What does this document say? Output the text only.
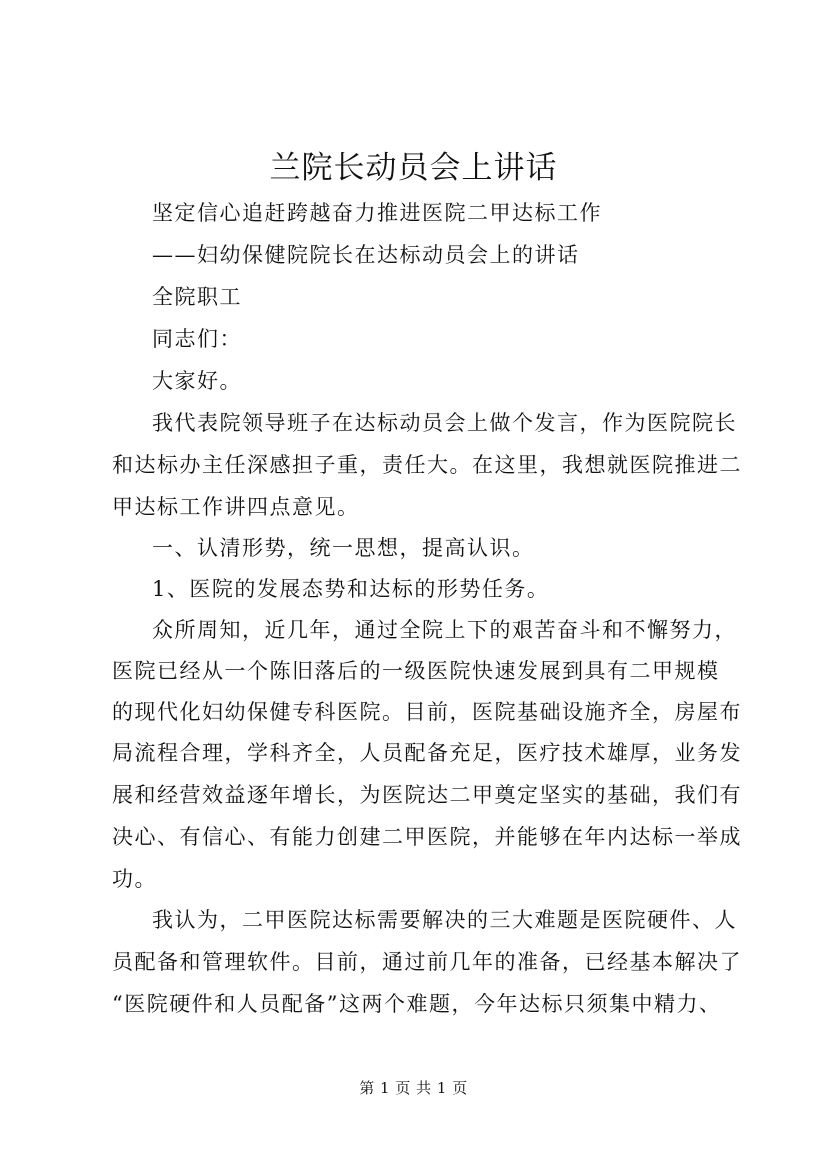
兰院长动员会上讲话
坚定信心追赶跨越奋力推进医院二甲达标工作
——妇幼保健院院长在达标动员会上的讲话
全院职工
同志们：
大家好。
我代表院领导班子在达标动员会上做个发言，作为医院院长
和达标办主任深感担子重，责任大。在这里，我想就医院推进二
甲达标工作讲四点意见。
一、认清形势，统一思想，提高认识。
1、医院的发展态势和达标的形势任务。
众所周知，近几年，通过全院上下的艰苦奋斗和不懈努力，
医院已经从一个陈旧落后的一级医院快速发展到具有二甲规模
的现代化妇幼保健专科医院。目前，医院基础设施齐全，房屋布
局流程合理，学科齐全，人员配备充足，医疗技术雄厚，业务发
展和经营效益逐年增长，为医院达二甲奠定坚实的基础，我们有
决心、有信心、有能力创建二甲医院，并能够在年内达标一举成
功。
我认为，二甲医院达标需要解决的三大难题是医院硬件、人
员配备和管理软件。目前，通过前几年的准备，已经基本解决了
“医院硬件和人员配备”这两个难题，今年达标只须集中精力、
第 1 页 共 1 页
